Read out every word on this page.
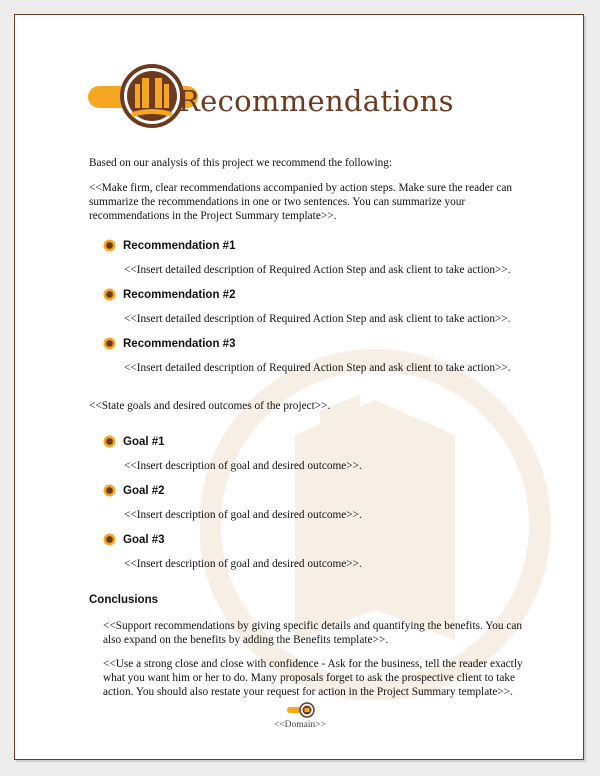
Recommendations

Based on our analysis of this project we recommend the following:

<<Make firm, clear recommendations accompanied by action steps. Make sure the reader can

summarize the recommendations in one or two sentences. You can summarize your

recommendations in the Project Summary template>>.

Recommendation #1

<<Insert detailed description of Required Action Step and ask client to take action>>.

Recommendation #2

<<Insert detailed description of Required Action Step and ask client to take action>>.

Recommendation #3

<<Insert detailed description of Required Action Step and ask client to take action>>.

<<State goals and desired outcomes of the project>>.

Goal #1

<<Insert description of goal and desired outcome>>.

Goal #2

<<Insert description of goal and desired outcome>>.

Goal #3

<<Insert description of goal and desired outcome>>.

Conclusions

<<Support recommendations by giving specific details and quantifying the benefits. You can

also expand on the benefits by adding the Benefits template>>.

<<Use a strong close and close with confidence - Ask for the business, tell the reader exactly

what you want him or her to do. Many proposals forget to ask the prospective client to take

action. You should also restate your request for action in the Project Summary template>>.

<<Domain>>
